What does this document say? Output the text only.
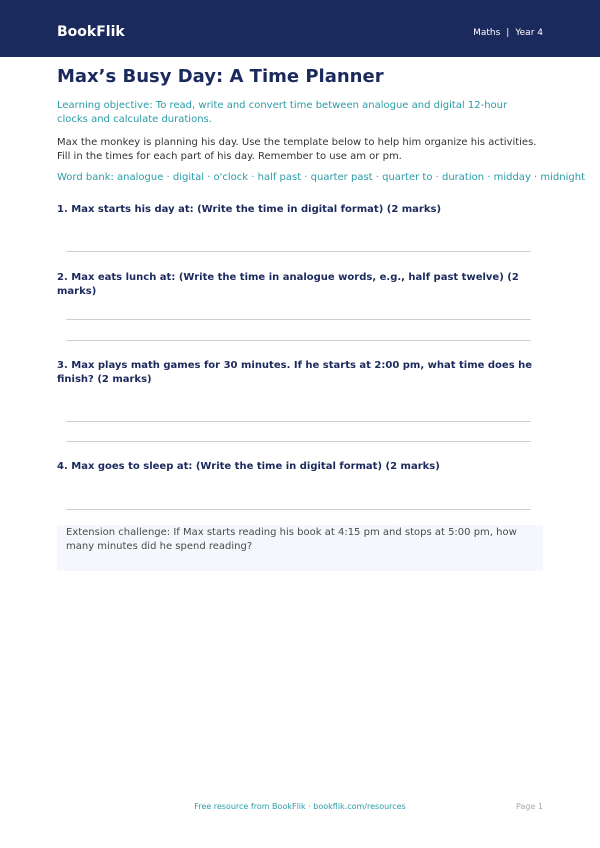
BookFlik	Maths | Year 4
Max’s Busy Day: A Time Planner
Learning objective: To read, write and convert time between analogue and digital 12-hour clocks and calculate durations.
Max the monkey is planning his day. Use the template below to help him organize his activities. Fill in the times for each part of his day. Remember to use am or pm.
Word bank: analogue · digital · o'clock · half past · quarter past · quarter to · duration · midday · midnight
1. Max starts his day at: (Write the time in digital format) (2 marks)
2. Max eats lunch at: (Write the time in analogue words, e.g., half past twelve) (2 marks)
3. Max plays math games for 30 minutes. If he starts at 2:00 pm, what time does he finish? (2 marks)
4. Max goes to sleep at: (Write the time in digital format) (2 marks)
Extension challenge: If Max starts reading his book at 4:15 pm and stops at 5:00 pm, how many minutes did he spend reading?
Free resource from BookFlik · bookflik.com/resources	Page 1
